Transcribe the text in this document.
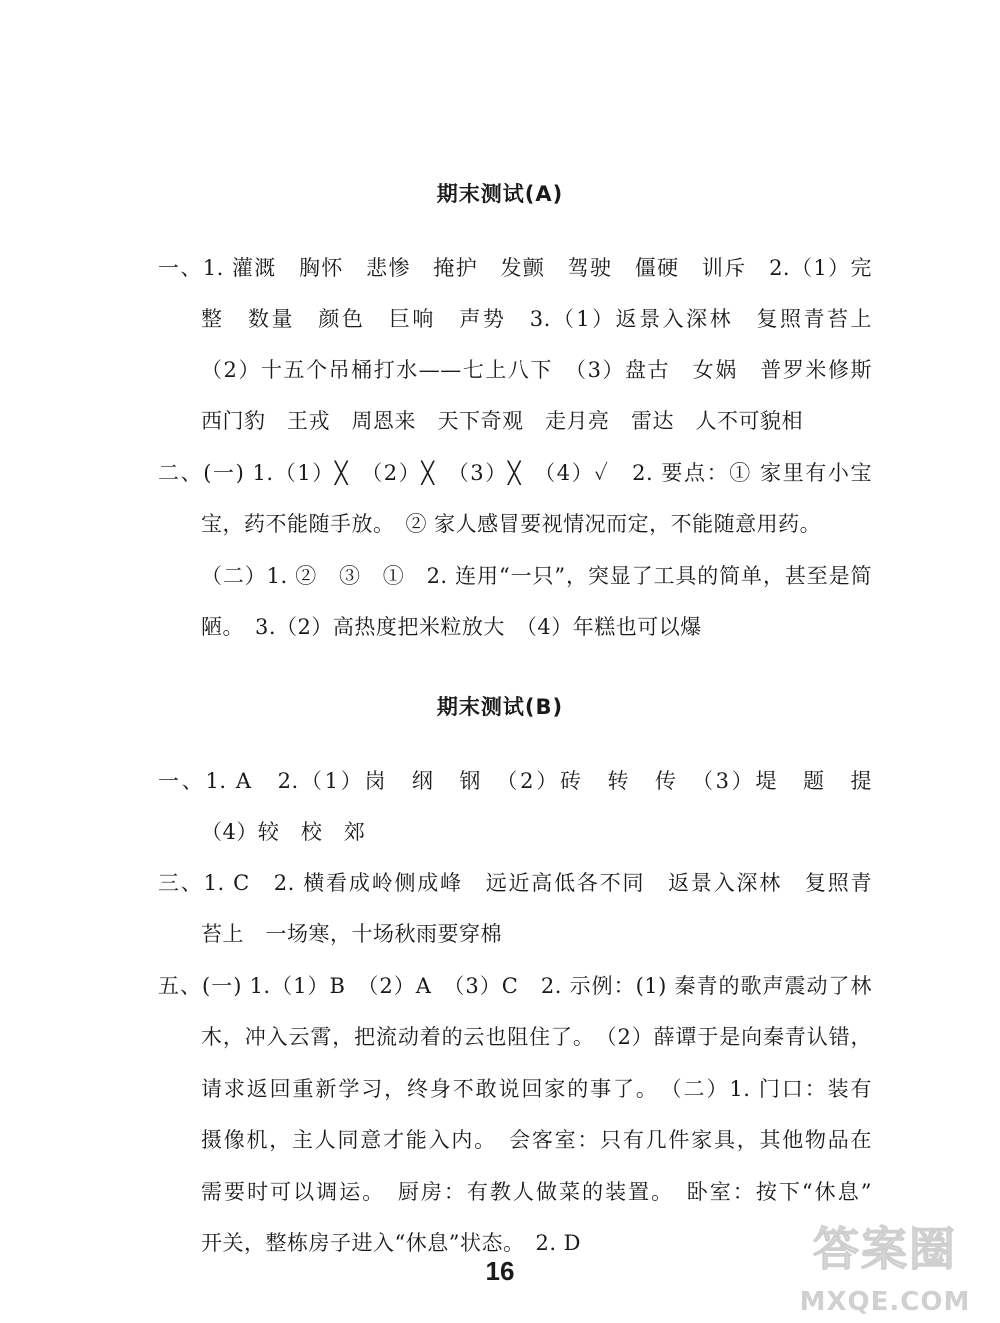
期末测试(A)
一、1. 灌溉　胸怀　悲惨　掩护　发颤　驾驶　僵硬　训斥　2.（1）完
整　数量　颜色　巨响　声势　3.（1）返景入深林　复照青苔上
（2）十五个吊桶打水——七上八下　（3）盘古　女娲　普罗米修斯
西门豹　王戎　周恩来　天下奇观　走月亮　雷达　人不可貌相
二、(一) 1.（1）╳　（2）╳　（3）╳　（4）✓　2. 要点：① 家里有小宝
宝，药不能随手放。　② 家人感冒要视情况而定，不能随意用药。
（二）1. ②　③　①　2. 连用“一只”，突显了工具的简单，甚至是简
陋。　3.（2）高热度把米粒放大　（4）年糕也可以爆
期末测试(B)
一、1. A　2.（1）岗　纲　钢　（2）砖　转　传　（3）堤　题　提
（4）较　校　郊
三、1. C　2. 横看成岭侧成峰　远近高低各不同　返景入深林　复照青
苔上　一场寒，十场秋雨要穿棉
五、(一) 1.（1）B　（2）A　（3）C　2. 示例：(1) 秦青的歌声震动了林
木，冲入云霄，把流动着的云也阻住了。　（2）薛谭于是向秦青认错，
请求返回重新学习，终身不敢说回家的事了。　（二）1. 门口：装有
摄像机，主人同意才能入内。　会客室：只有几件家具，其他物品在
需要时可以调运。　厨房：有教人做菜的装置。　卧室：按下“休息”
开关，整栋房子进入“休息”状态。　2. D
16	答案圈
MXQE.COM
